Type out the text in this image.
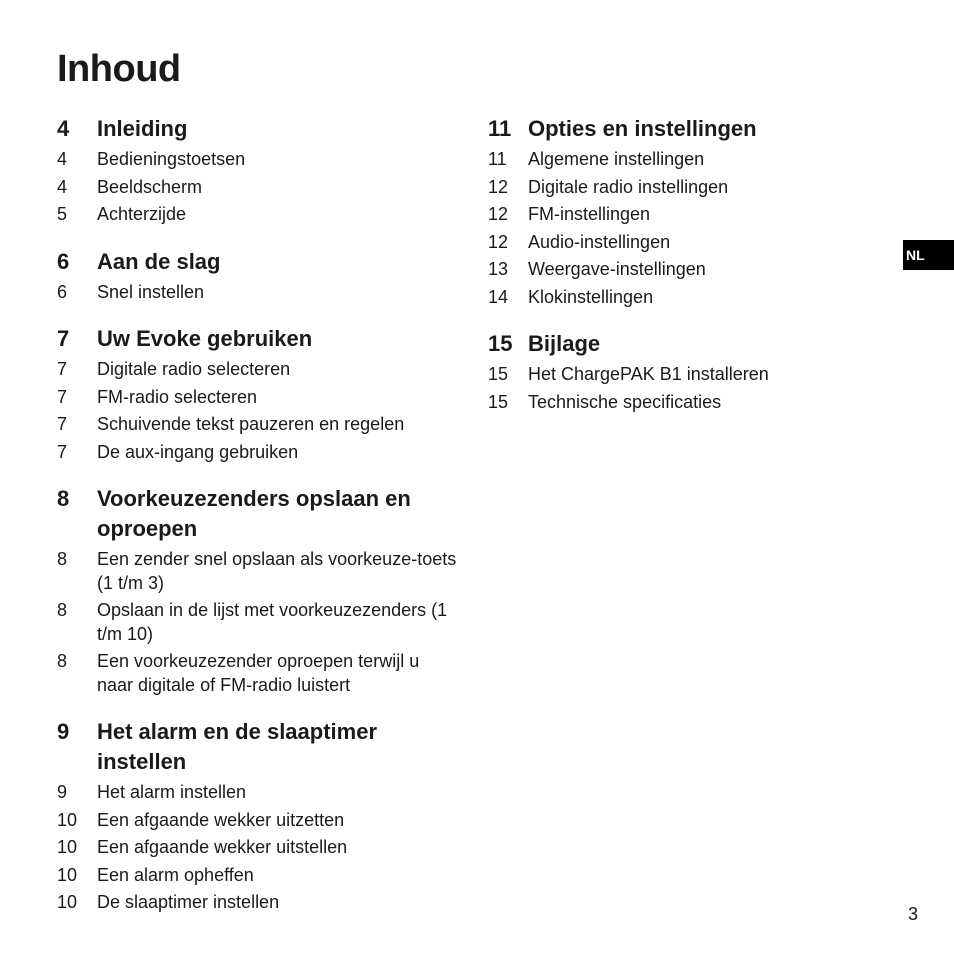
Inhoud
4	Inleiding
4	Bedieningstoetsen
4	Beeldscherm
5	Achterzijde
6	Aan de slag
6	Snel instellen
7	Uw Evoke gebruiken
7	Digitale radio selecteren
7	FM-radio selecteren
7	Schuivende tekst pauzeren en regelen
7	De aux-ingang gebruiken
8	Voorkeuzezenders opslaan en oproepen
8	Een zender snel opslaan als voorkeuze-toets (1 t/m 3)
8	Opslaan in de lijst met voorkeuzezenders (1 t/m 10)
8	Een voorkeuzezender oproepen terwijl u naar digitale of FM-radio luistert
9	Het alarm en de slaaptimer instellen
9	Het alarm instellen
10	Een afgaande wekker uitzetten
10	Een afgaande wekker uitstellen
10	Een alarm opheffen
10	De slaaptimer instellen
11 Opties en instellingen
11	Algemene instellingen
12	Digitale radio instellingen
12	FM-instellingen
12	Audio-instellingen
13	Weergave-instellingen
14	Klokinstellingen
15 Bijlage
15	Het ChargePAK B1 installeren
15	Technische specificaties
NL
3
